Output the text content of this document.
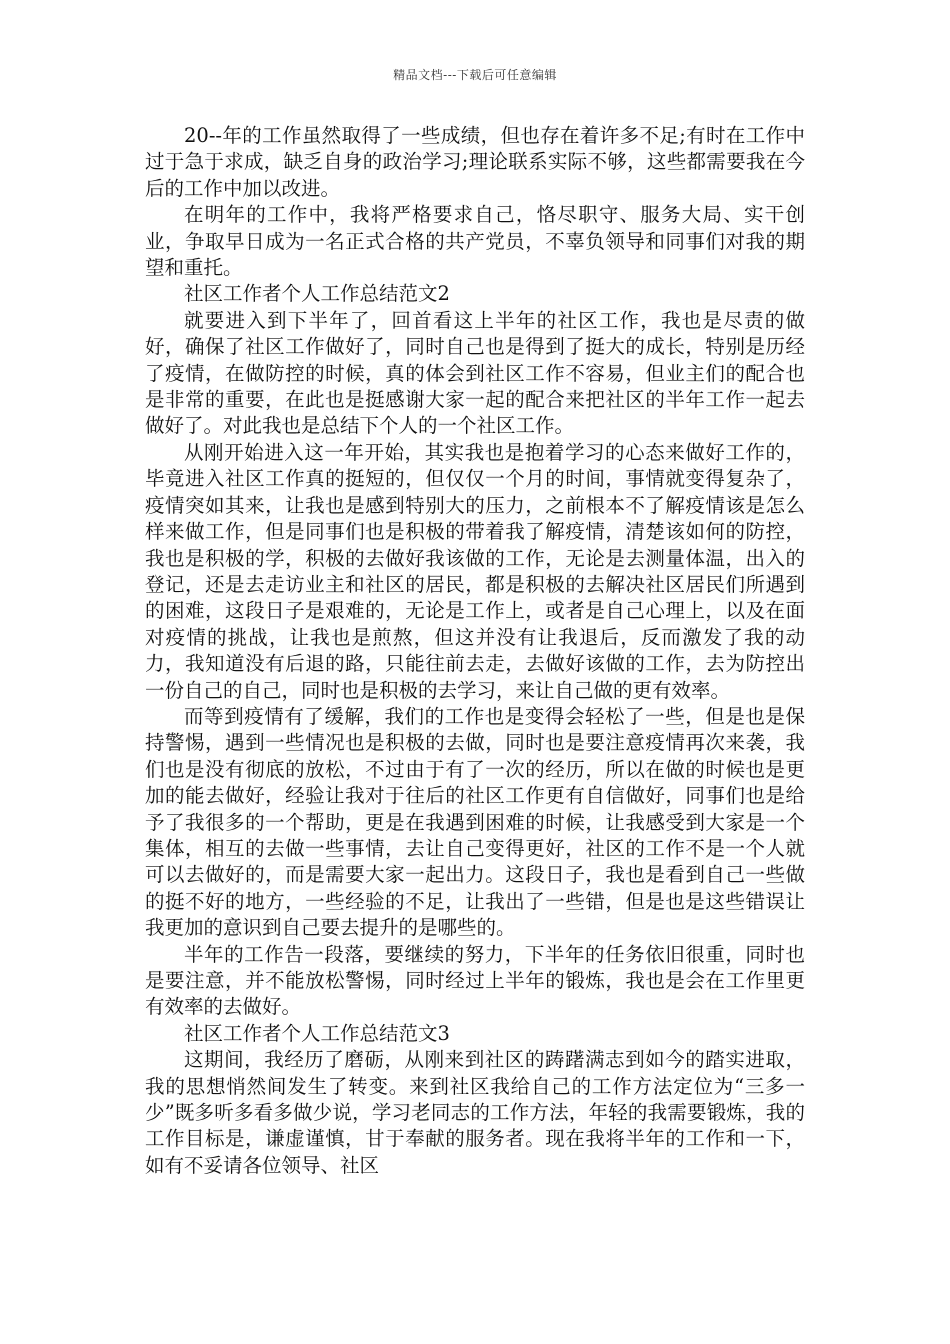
精品文档---下载后可任意编辑

20--年的工作虽然取得了一些成绩，但也存在着许多不足;有时在工作中过于急于求成，缺乏自身的政治学习;理论联系实际不够，这些都需要我在今后的工作中加以改进。

在明年的工作中，我将严格要求自己，恪尽职守、服务大局、实干创业，争取早日成为一名正式合格的共产党员，不辜负领导和同事们对我的期望和重托。

社区工作者个人工作总结范文2

就要进入到下半年了，回首看这上半年的社区工作，我也是尽责的做好，确保了社区工作做好了，同时自己也是得到了挺大的成长，特别是历经了疫情，在做防控的时候，真的体会到社区工作不容易，但业主们的配合也是非常的重要，在此也是挺感谢大家一起的配合来把社区的半年工作一起去做好了。对此我也是总结下个人的一个社区工作。

从刚开始进入这一年开始，其实我也是抱着学习的心态来做好工作的，毕竟进入社区工作真的挺短的，但仅仅一个月的时间，事情就变得复杂了，疫情突如其来，让我也是感到特别大的压力，之前根本不了解疫情该是怎么样来做工作，但是同事们也是积极的带着我了解疫情，清楚该如何的防控，我也是积极的学，积极的去做好我该做的工作，无论是去测量体温，出入的登记，还是去走访业主和社区的居民，都是积极的去解决社区居民们所遇到的困难，这段日子是艰难的，无论是工作上，或者是自己心理上，以及在面对疫情的挑战，让我也是煎熬，但这并没有让我退后，反而激发了我的动力，我知道没有后退的路，只能往前去走，去做好该做的工作，去为防控出一份自己的自己，同时也是积极的去学习，来让自己做的更有效率。

而等到疫情有了缓解，我们的工作也是变得会轻松了一些，但是也是保持警惕，遇到一些情况也是积极的去做，同时也是要注意疫情再次来袭，我们也是没有彻底的放松，不过由于有了一次的经历，所以在做的时候也是更加的能去做好，经验让我对于往后的社区工作更有自信做好，同事们也是给予了我很多的一个帮助，更是在我遇到困难的时候，让我感受到大家是一个集体，相互的去做一些事情，去让自己变得更好，社区的工作不是一个人就可以去做好的，而是需要大家一起出力。这段日子，我也是看到自己一些做的挺不好的地方，一些经验的不足，让我出了一些错，但是也是这些错误让我更加的意识到自己要去提升的是哪些的。

半年的工作告一段落，要继续的努力，下半年的任务依旧很重，同时也是要注意，并不能放松警惕，同时经过上半年的锻炼，我也是会在工作里更有效率的去做好。

社区工作者个人工作总结范文3

这期间，我经历了磨砺，从刚来到社区的踌躇满志到如今的踏实进取，我的思想悄然间发生了转变。来到社区我给自己的工作方法定位为“三多一少”既多听多看多做少说，学习老同志的工作方法，年轻的我需要锻炼，我的工作目标是，谦虚谨慎，甘于奉献的服务者。现在我将半年的工作和一下，如有不妥请各位领导、社区
